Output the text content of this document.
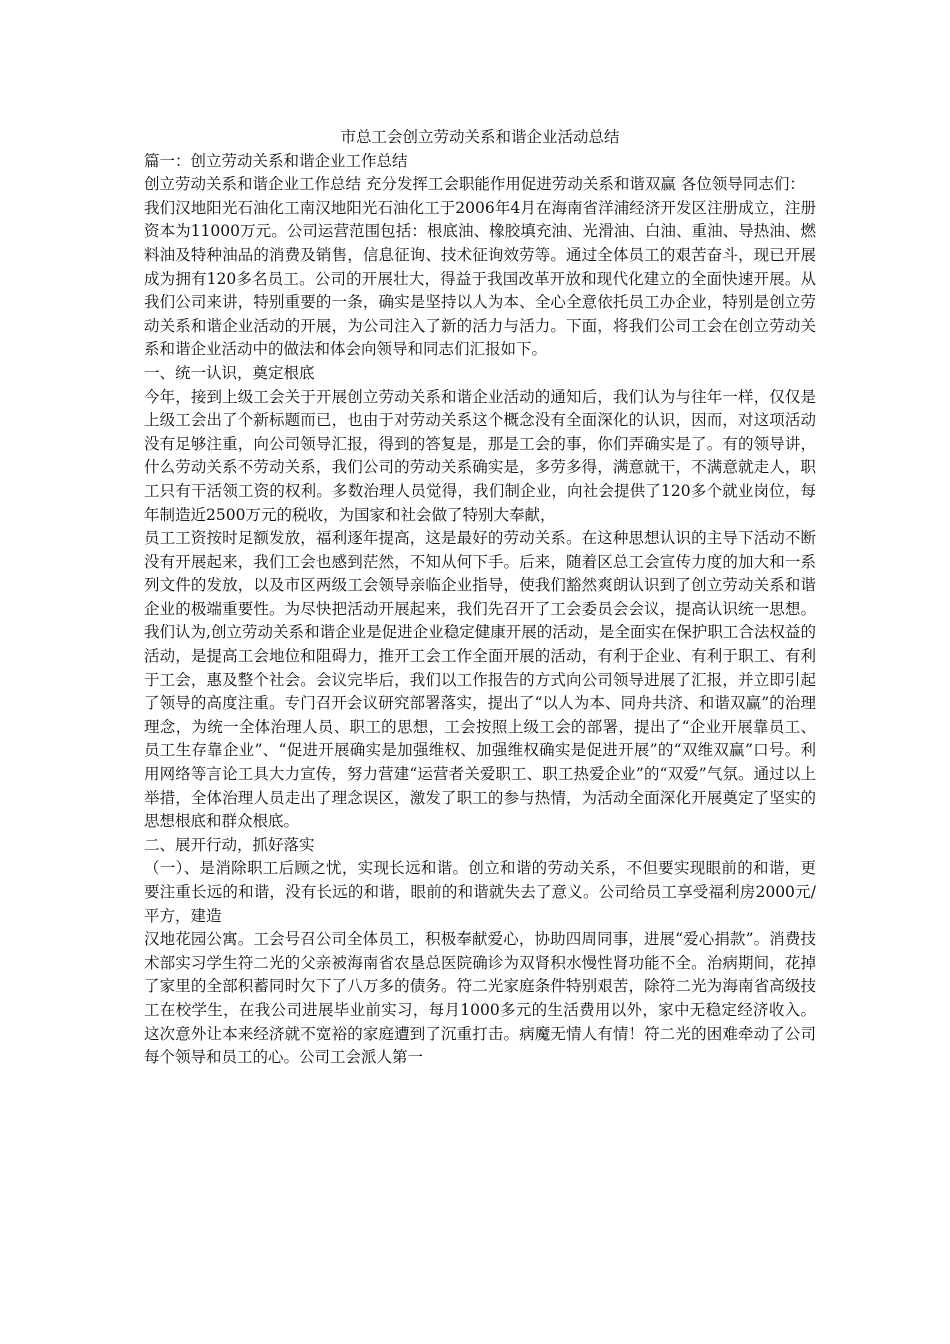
市总工会创立劳动关系和谐企业活动总结

篇一：创立劳动关系和谐企业工作总结

创立劳动关系和谐企业工作总结 充分发挥工会职能作用促进劳动关系和谐双赢 各位领导同志们：

我们汉地阳光石油化工南汉地阳光石油化工于2006年4月在海南省洋浦经济开发区注册成立，注册资本为11000万元。公司运营范围包括：根底油、橡胶填充油、光滑油、白油、重油、导热油、燃料油及特种油品的消费及销售，信息征询、技术征询效劳等。通过全体员工的艰苦奋斗，现已开展成为拥有120多名员工。公司的开展壮大，得益于我国改革开放和现代化建立的全面快速开展。从我们公司来讲，特别重要的一条，确实是坚持以人为本、全心全意依托员工办企业，特别是创立劳动关系和谐企业活动的开展，为公司注入了新的活力与活力。下面，将我们公司工会在创立劳动关系和谐企业活动中的做法和体会向领导和同志们汇报如下。

一、统一认识，奠定根底

今年，接到上级工会关于开展创立劳动关系和谐企业活动的通知后，我们认为与往年一样，仅仅是上级工会出了个新标题而已，也由于对劳动关系这个概念没有全面深化的认识，因而，对这项活动没有足够注重，向公司领导汇报，得到的答复是，那是工会的事，你们弄确实是了。有的领导讲，什么劳动关系不劳动关系，我们公司的劳动关系确实是，多劳多得，满意就干，不满意就走人，职工只有干活领工资的权利。多数治理人员觉得，我们制企业，向社会提供了120多个就业岗位，每年制造近2500万元的税收，为国家和社会做了特别大奉献，

员工工资按时足额发放，福利逐年提高，这是最好的劳动关系。在这种思想认识的主导下活动不断没有开展起来，我们工会也感到茫然，不知从何下手。后来，随着区总工会宣传力度的加大和一系列文件的发放，以及市区两级工会领导亲临企业指导，使我们豁然爽朗认识到了创立劳动关系和谐企业的极端重要性。为尽快把活动开展起来，我们先召开了工会委员会会议，提高认识统一思想。我们认为,创立劳动关系和谐企业是促进企业稳定健康开展的活动，是全面实在保护职工合法权益的活动，是提高工会地位和阻碍力，推开工会工作全面开展的活动，有利于企业、有利于职工、有利于工会，惠及整个社会。会议完毕后，我们以工作报告的方式向公司领导进展了汇报，并立即引起了领导的高度注重。专门召开会议研究部署落实，提出了“以人为本、同舟共济、和谐双赢”的治理理念，为统一全体治理人员、职工的思想，工会按照上级工会的部署，提出了“企业开展靠员工、员工生存靠企业”、“促进开展确实是加强维权、加强维权确实是促进开展”的“双维双赢”口号。利用网络等言论工具大力宣传，努力营建“运营者关爱职工、职工热爱企业”的“双爱”气氛。通过以上举措，全体治理人员走出了理念误区，激发了职工的参与热情，为活动全面深化开展奠定了坚实的思想根底和群众根底。

二、展开行动，抓好落实

（一）、是消除职工后顾之忧，实现长远和谐。创立和谐的劳动关系，不但要实现眼前的和谐，更要注重长远的和谐，没有长远的和谐，眼前的和谐就失去了意义。公司给员工享受福利房2000元/平方，建造

汉地花园公寓。工会号召公司全体员工，积极奉献爱心，协助四周同事，进展“爱心捐款”。消费技术部实习学生符二光的父亲被海南省农垦总医院确诊为双肾积水慢性肾功能不全。治病期间，花掉了家里的全部积蓄同时欠下了八万多的债务。符二光家庭条件特别艰苦，除符二光为海南省高级技工在校学生，在我公司进展毕业前实习，每月1000多元的生活费用以外，家中无稳定经济收入。这次意外让本来经济就不宽裕的家庭遭到了沉重打击。病魔无情人有情！符二光的困难牵动了公司每个领导和员工的心。公司工会派人第一
